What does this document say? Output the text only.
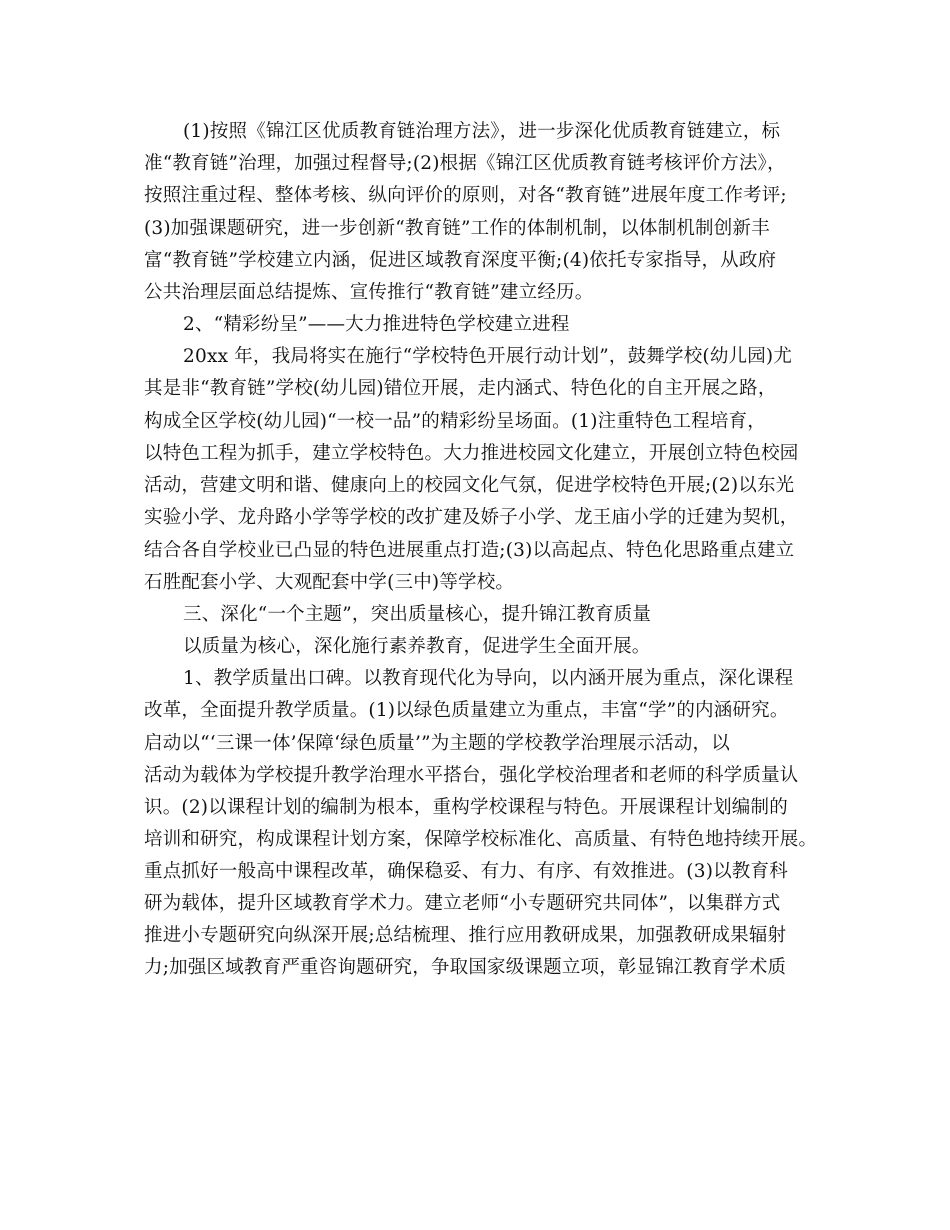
(1)按照《锦江区优质教育链治理方法》，进一步深化优质教育链建立，标
准“教育链”治理，加强过程督导;(2)根据《锦江区优质教育链考核评价方法》，
按照注重过程、整体考核、纵向评价的原则，对各“教育链”进展年度工作考评;
(3)加强课题研究，进一步创新“教育链”工作的体制机制，以体制机制创新丰
富“教育链”学校建立内涵，促进区域教育深度平衡;(4)依托专家指导，从政府
公共治理层面总结提炼、宣传推行“教育链”建立经历。
2、“精彩纷呈”——大力推进特色学校建立进程
20xx 年，我局将实在施行“学校特色开展行动计划”，鼓舞学校(幼儿园)尤
其是非“教育链”学校(幼儿园)错位开展，走内涵式、特色化的自主开展之路，
构成全区学校(幼儿园)“一校一品”的精彩纷呈场面。(1)注重特色工程培育，
以特色工程为抓手，建立学校特色。大力推进校园文化建立，开展创立特色校园
活动，营建文明和谐、健康向上的校园文化气氛，促进学校特色开展;(2)以东光
实验小学、龙舟路小学等学校的改扩建及娇子小学、龙王庙小学的迁建为契机，
结合各自学校业已凸显的特色进展重点打造;(3)以高起点、特色化思路重点建立
石胜配套小学、大观配套中学(三中)等学校。
三、深化“一个主题”，突出质量核心，提升锦江教育质量
以质量为核心，深化施行素养教育，促进学生全面开展。
1、教学质量出口碑。以教育现代化为导向，以内涵开展为重点，深化课程
改革，全面提升教学质量。(1)以绿色质量建立为重点，丰富“学”的内涵研究。
启动以“‘三课一体’保障‘绿色质量’”为主题的学校教学治理展示活动，以
活动为载体为学校提升教学治理水平搭台，强化学校治理者和老师的科学质量认
识。(2)以课程计划的编制为根本，重构学校课程与特色。开展课程计划编制的
培训和研究，构成课程计划方案，保障学校标准化、高质量、有特色地持续开展。
重点抓好一般高中课程改革，确保稳妥、有力、有序、有效推进。(3)以教育科
研为载体，提升区域教育学术力。建立老师“小专题研究共同体”，以集群方式
推进小专题研究向纵深开展;总结梳理、推行应用教研成果，加强教研成果辐射
力;加强区域教育严重咨询题研究，争取国家级课题立项，彰显锦江教育学术质
